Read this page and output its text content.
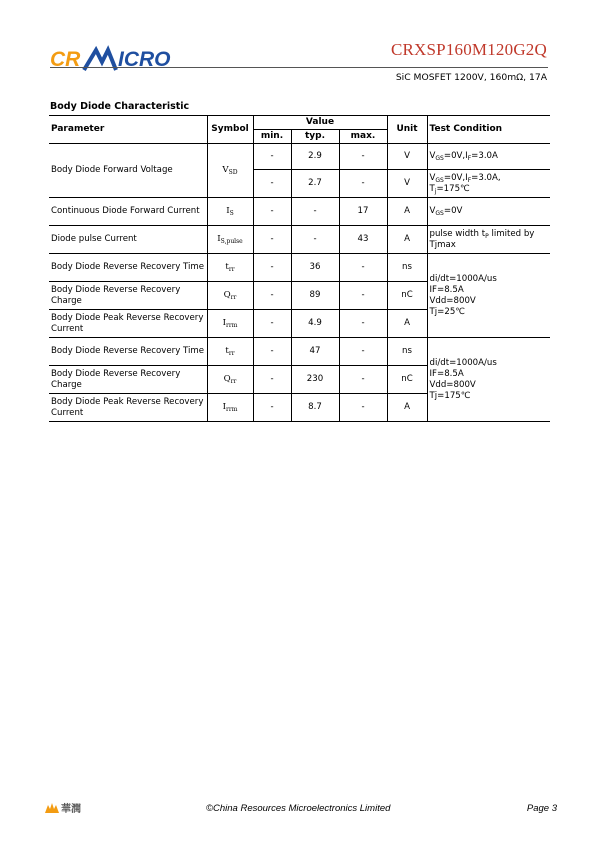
CR ICRO	CRXSP160M120G2Q
SiC MOSFET 1200V, 160mΩ, 17A
Body Diode Characteristic
Parameter	Symbol	Value			Unit	Test Condition
		min.	typ.	max.		
Body Diode Forward Voltage	$V_{SD}$	-	2.9	-	V	$V_{GS}=0V,I_F=3.0A$
		-	2.7	-	V	$V_{GS}=0V,I_F=3.0A$,
$T_j=175℃$
Continuous Diode Forward Current	$I_S$	-	-	17	A	$V_{GS}=0V$
Diode pulse Current	$I_{S,pulse}$	-	-	43	A	pulse width $t_P$ limited by Tjmax
Body Diode Reverse Recovery Time	$t_{rr}$	-	36	-	ns	di/dt=1000A/us
IF=8.5A
Vdd=800V
Tj=25℃
Body Diode Reverse Recovery Charge	$Q_{rr}$	-	89	-	nC	
Body Diode Peak Reverse Recovery Current	$I_{rrm}$	-	4.9	-	A	
Body Diode Reverse Recovery Time	$t_{rr}$	-	47	-	ns	di/dt=1000A/us
IF=8.5A
Vdd=800V
Tj=175℃
Body Diode Reverse Recovery Charge	$Q_{rr}$	-	230	-	nC	
Body Diode Peak Reverse Recovery Current	$I_{rrm}$	-	8.7	-	A	
華潤	©China Resources Microelectronics Limited	Page 3
